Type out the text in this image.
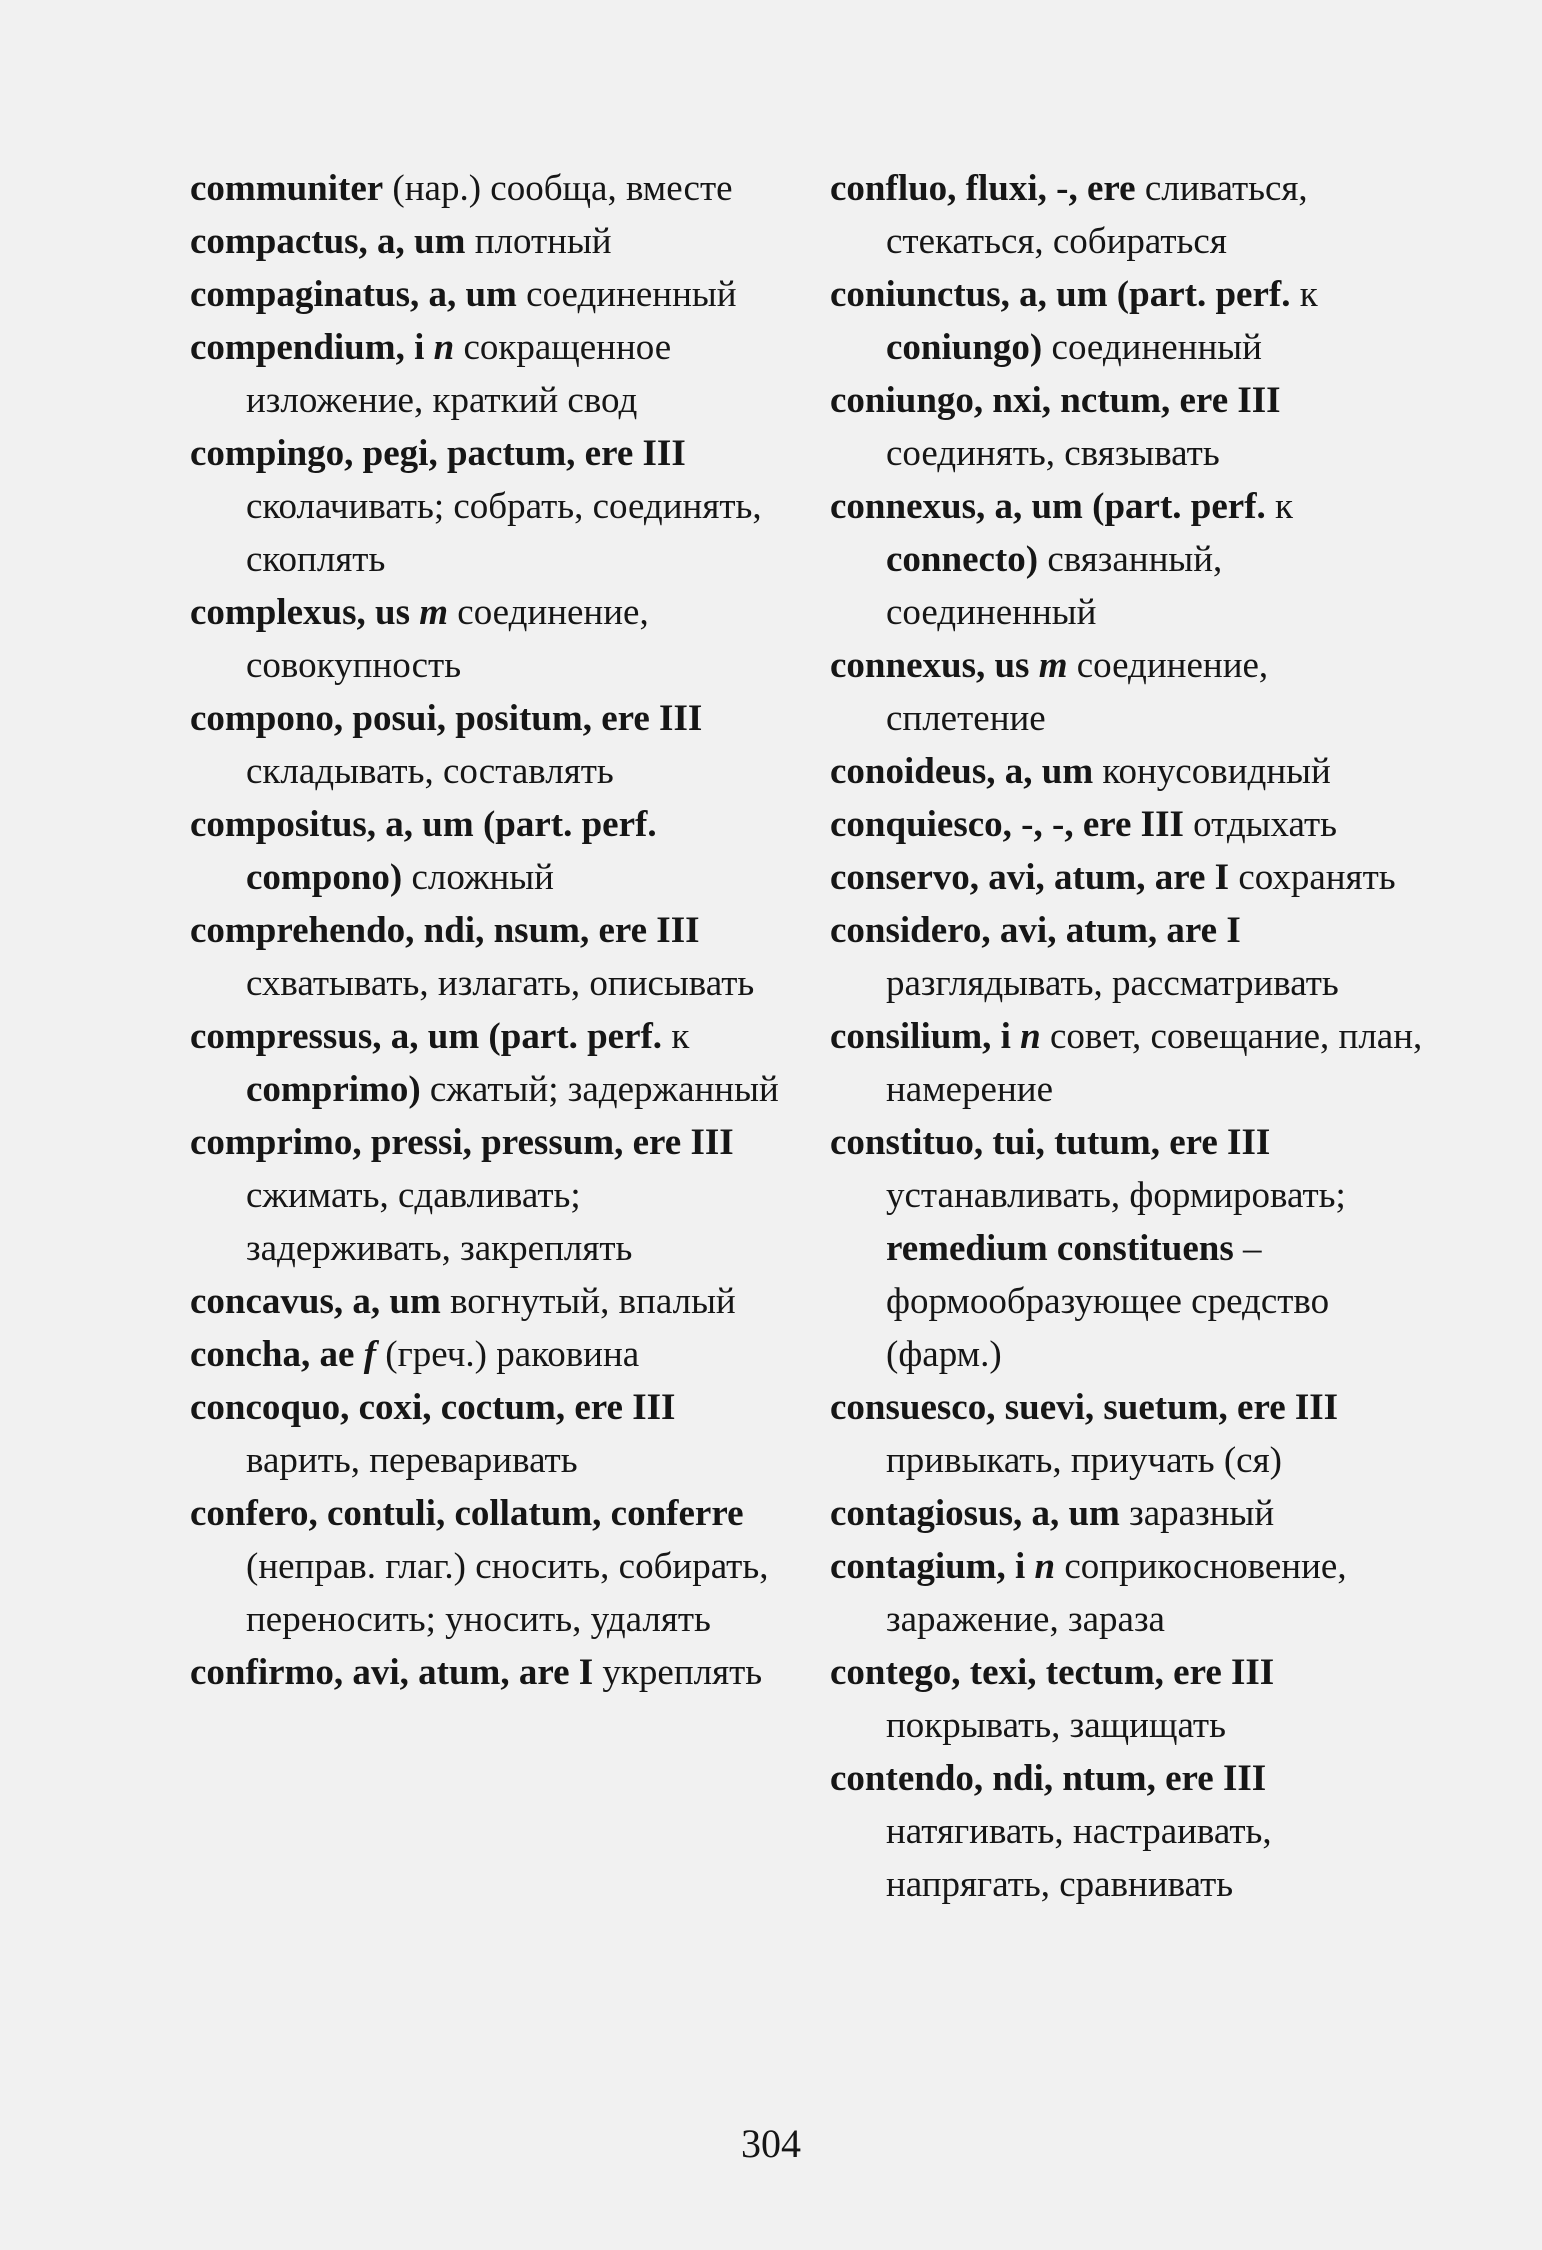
communiter (нар.) сообща, вместе

compactus, a, um плотный

compaginatus, a, um соединенный

compendium, i n сокращенное изложение, краткий свод

compingo, pegi, pactum, ere III сколачивать; собрать, соединять, скоплять

complexus, us m соединение, совокупность

compono, posui, positum, ere III складывать, составлять

compositus, a, um (part. perf. compono) сложный

comprehendo, ndi, nsum, ere III схватывать, излагать, описывать

compressus, a, um (part. perf. к comprimo) сжатый; задержанный

comprimo, pressi, pressum, ere III сжимать, сдавливать; задерживать, закреплять

concavus, a, um вогнутый, впалый

concha, ae f (греч.) раковина

concoquo, coxi, coctum, ere III варить, переваривать

confero, contuli, collatum, conferre (неправ. глаг.) сносить, собирать, переносить; уносить, удалять

confirmo, avi, atum, are I укреплять

confluo, fluxi, -, ere сливаться, стекаться, собираться

coniunctus, a, um (part. perf. к coniungo) соединенный

coniungo, nxi, nctum, ere III соединять, связывать

connexus, a, um (part. perf. к connecto) связанный, соединенный

connexus, us m соединение, сплетение

conoideus, a, um конусовидный

conquiesco, -, -, ere III отдыхать

conservo, avi, atum, are I сохранять

considero, avi, atum, are I разглядывать, рассматривать

consilium, i n совет, совещание, план, намерение

constituo, tui, tutum, ere III устанавливать, формировать; remedium constituens – формообразующее средство (фарм.)

consuesco, suevi, suetum, ere III привыкать, приучать (ся)

contagiosus, a, um заразный

contagium, i n соприкосновение, заражение, зараза

contego, texi, tectum, ere III покрывать, защищать

contendo, ndi, ntum, ere III натягивать, настраивать, напрягать, сравнивать

304
